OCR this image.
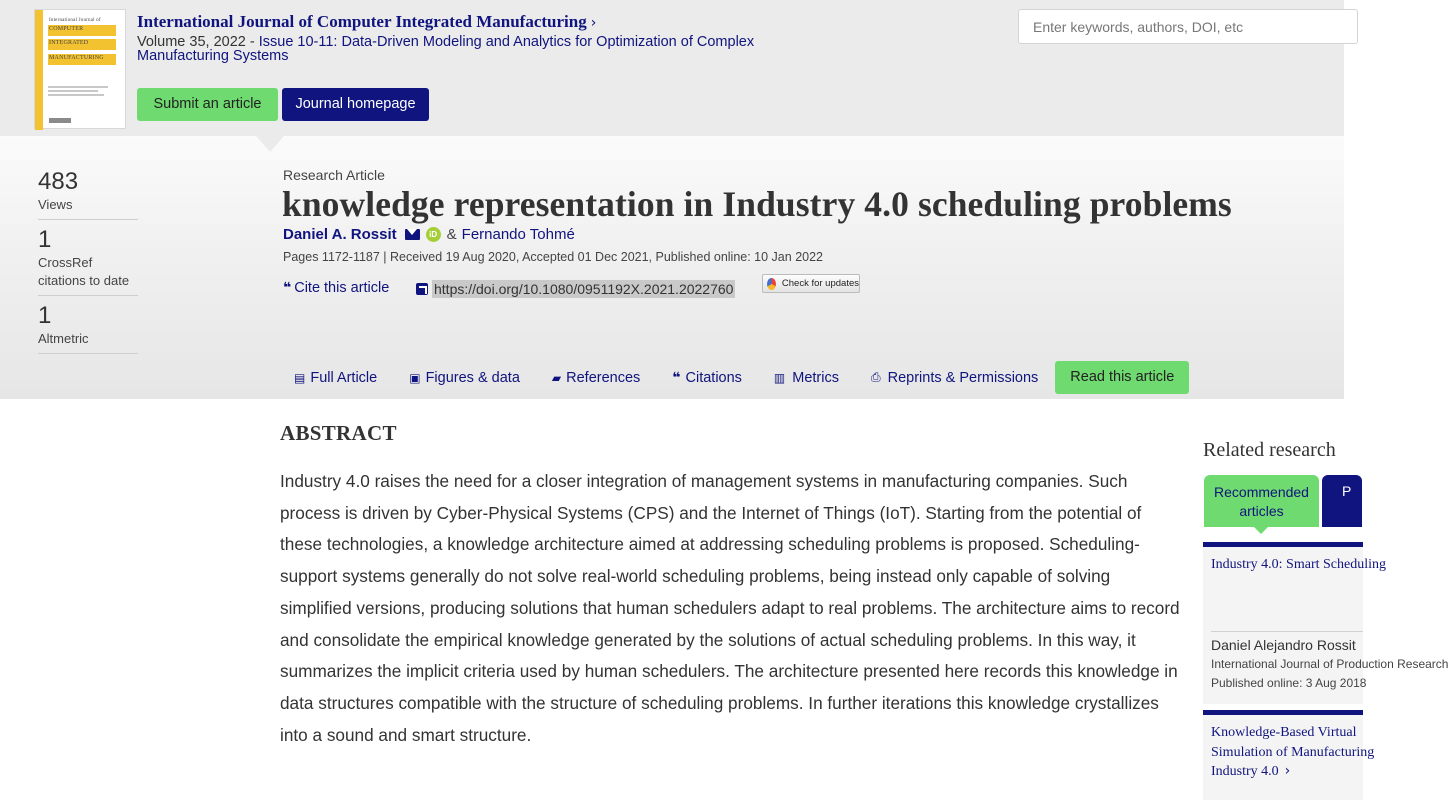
International Journal of
COMPUTER
INTEGRATED
MANUFACTURING
International Journal of Computer Integrated Manufacturing ›
Volume 35, 2022 - Issue 10-11: Data-Driven Modeling and Analytics for Optimization of Complex Manufacturing Systems
Submit an article	Journal homepage
Enter keywords, authors, DOI, etc
483
Views
1
CrossRef citations to date
1
Altmetric
Research Article
knowledge representation in Industry 4.0 scheduling problems
Daniel A. Rossit	iD & Fernando Tohmé
Pages 1172-1187 | Received 19 Aug 2020, Accepted 01 Dec 2021, Published online: 10 Jan 2022
❝ Cite this article	https://doi.org/10.1080/0951192X.2021.2022760	Check for updates
▤ Full Article	▣ Figures & data	▰ References ❝ Citations	▥ Metrics	⎙ Reprints & Permissions	Read this article
ABSTRACT

Industry 4.0 raises the need for a closer integration of management systems in manufacturing companies. Such process is driven by Cyber-Physical Systems (CPS) and the Internet of Things (IoT). Starting from the potential of these technologies, a knowledge architecture aimed at addressing scheduling problems is proposed. Scheduling-support systems generally do not solve real-world scheduling problems, being instead only capable of solving simplified versions, producing solutions that human schedulers adapt to real problems. The architecture aims to record and consolidate the empirical knowledge generated by the solutions of actual scheduling problems. In this way, it summarizes the implicit criteria used by human schedulers. The architecture presented here records this knowledge in data structures compatible with the structure of scheduling problems. In further iterations this knowledge crystallizes into a sound and smart structure.

Related research
Recommended articles
P
Industry 4.0: Smart Scheduling
Daniel Alejandro Rossit
International Journal of Production Research
Published online: 3 Aug 2018
Knowledge-Based Virtual
Simulation of Manufacturing
Industry 4.0 ›
